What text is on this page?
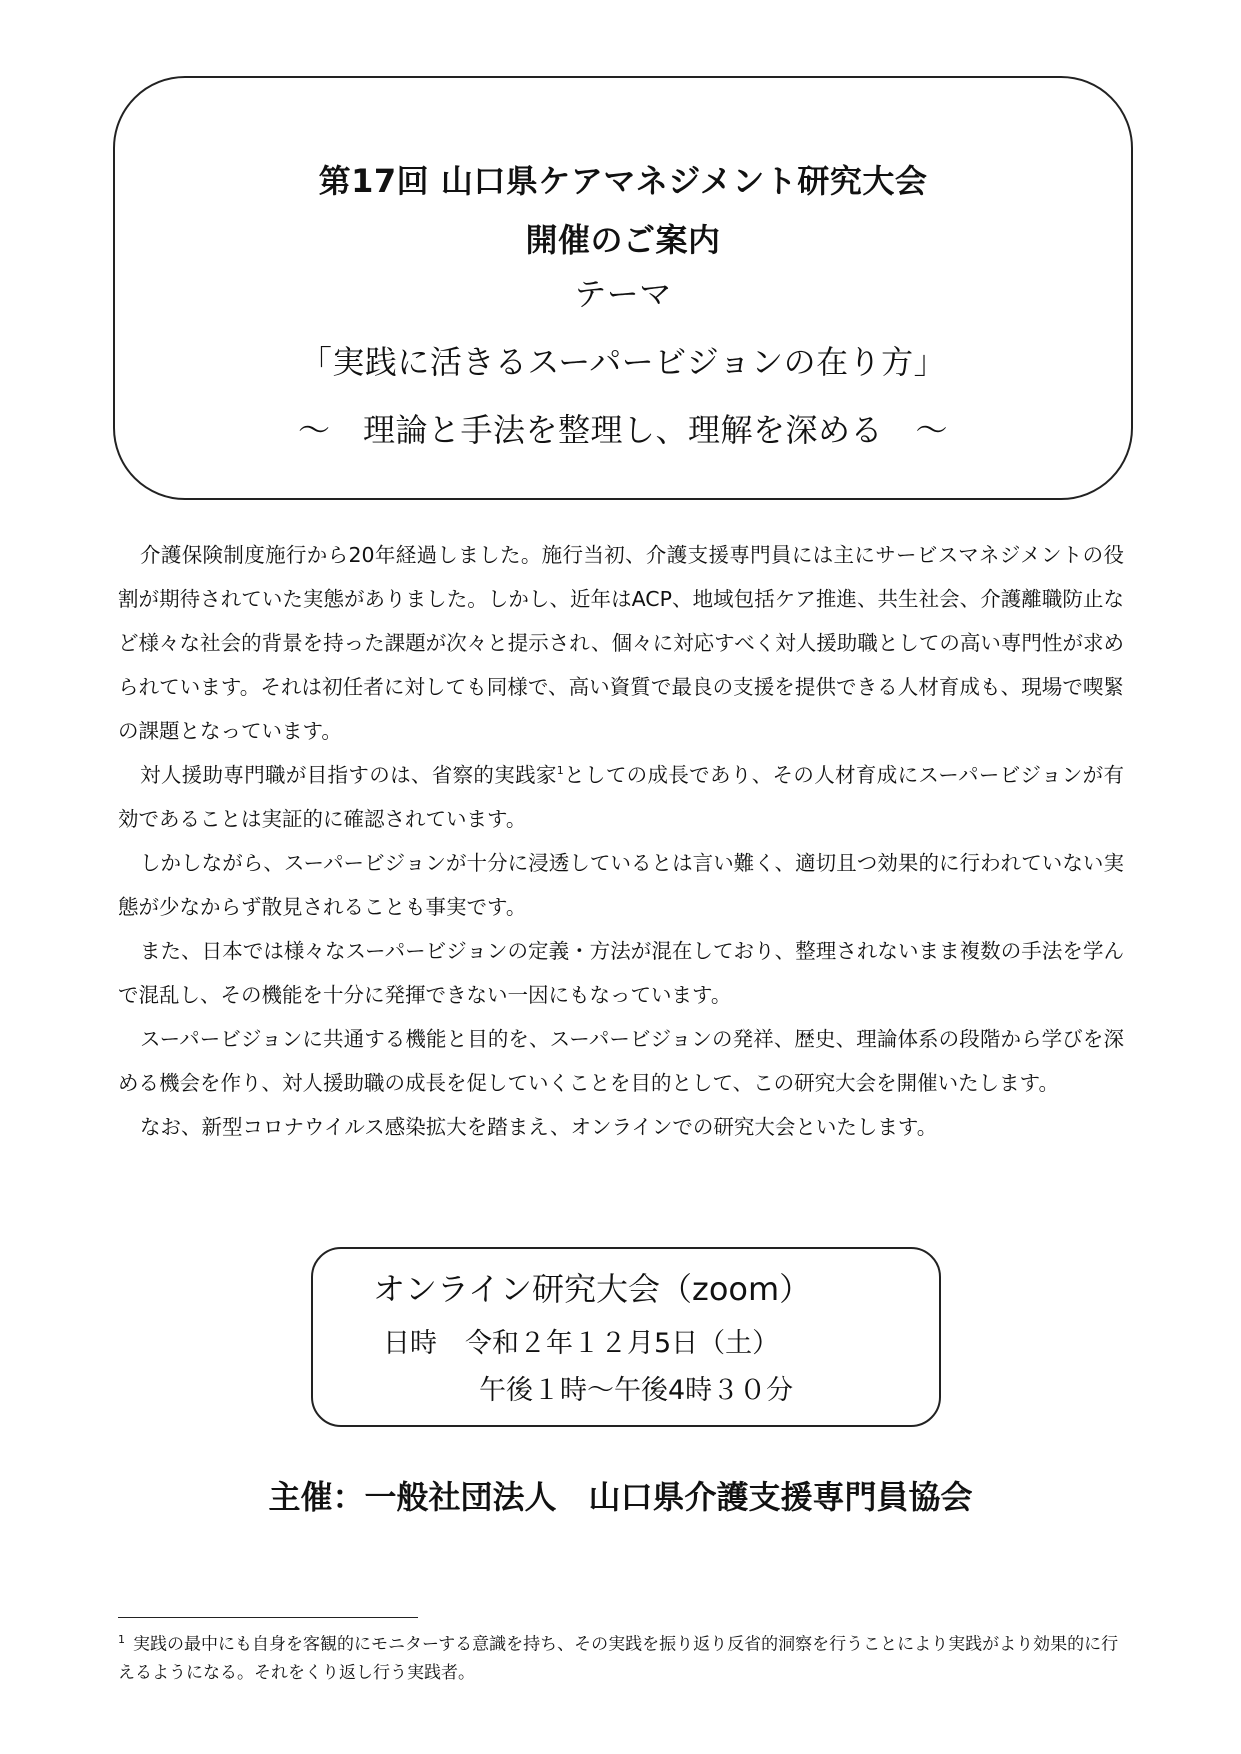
第17回 山口県ケアマネジメント研究大会
開催のご案内
テーマ
「実践に活きるスーパービジョンの在り方」
～　理論と手法を整理し、理解を深める　～

介護保険制度施行から20年経過しました。施行当初、介護支援専門員には主にサービスマネジメントの役割が期待されていた実態がありました。しかし、近年はACP、地域包括ケア推進、共生社会、介護離職防止など様々な社会的背景を持った課題が次々と提示され、個々に対応すべく対人援助職としての高い専門性が求められています。それは初任者に対しても同様で、高い資質で最良の支援を提供できる人材育成も、現場で喫緊の課題となっています。

対人援助専門職が目指すのは、省察的実践家$^1$としての成長であり、その人材育成にスーパービジョンが有効であることは実証的に確認されています。

しかしながら、スーパービジョンが十分に浸透しているとは言い難く、適切且つ効果的に行われていない実態が少なからず散見されることも事実です。

また、日本では様々なスーパービジョンの定義・方法が混在しており、整理されないまま複数の手法を学んで混乱し、その機能を十分に発揮できない一因にもなっています。

スーパービジョンに共通する機能と目的を、スーパービジョンの発祥、歴史、理論体系の段階から学びを深める機会を作り、対人援助職の成長を促していくことを目的として、この研究大会を開催いたします。

なお、新型コロナウイルス感染拡大を踏まえ、オンラインでの研究大会といたします。

オンライン研究大会（zoom）
日時 令和２年１２月5日（土）
午後１時～午後4時３０分
主催：一般社団法人　山口県介護支援専門員協会
$^1$ 実践の最中にも自身を客観的にモニターする意識を持ち、その実践を振り返り反省的洞察を行うことにより実践がより効果的に行えるようになる。それをくり返し行う実践者。
